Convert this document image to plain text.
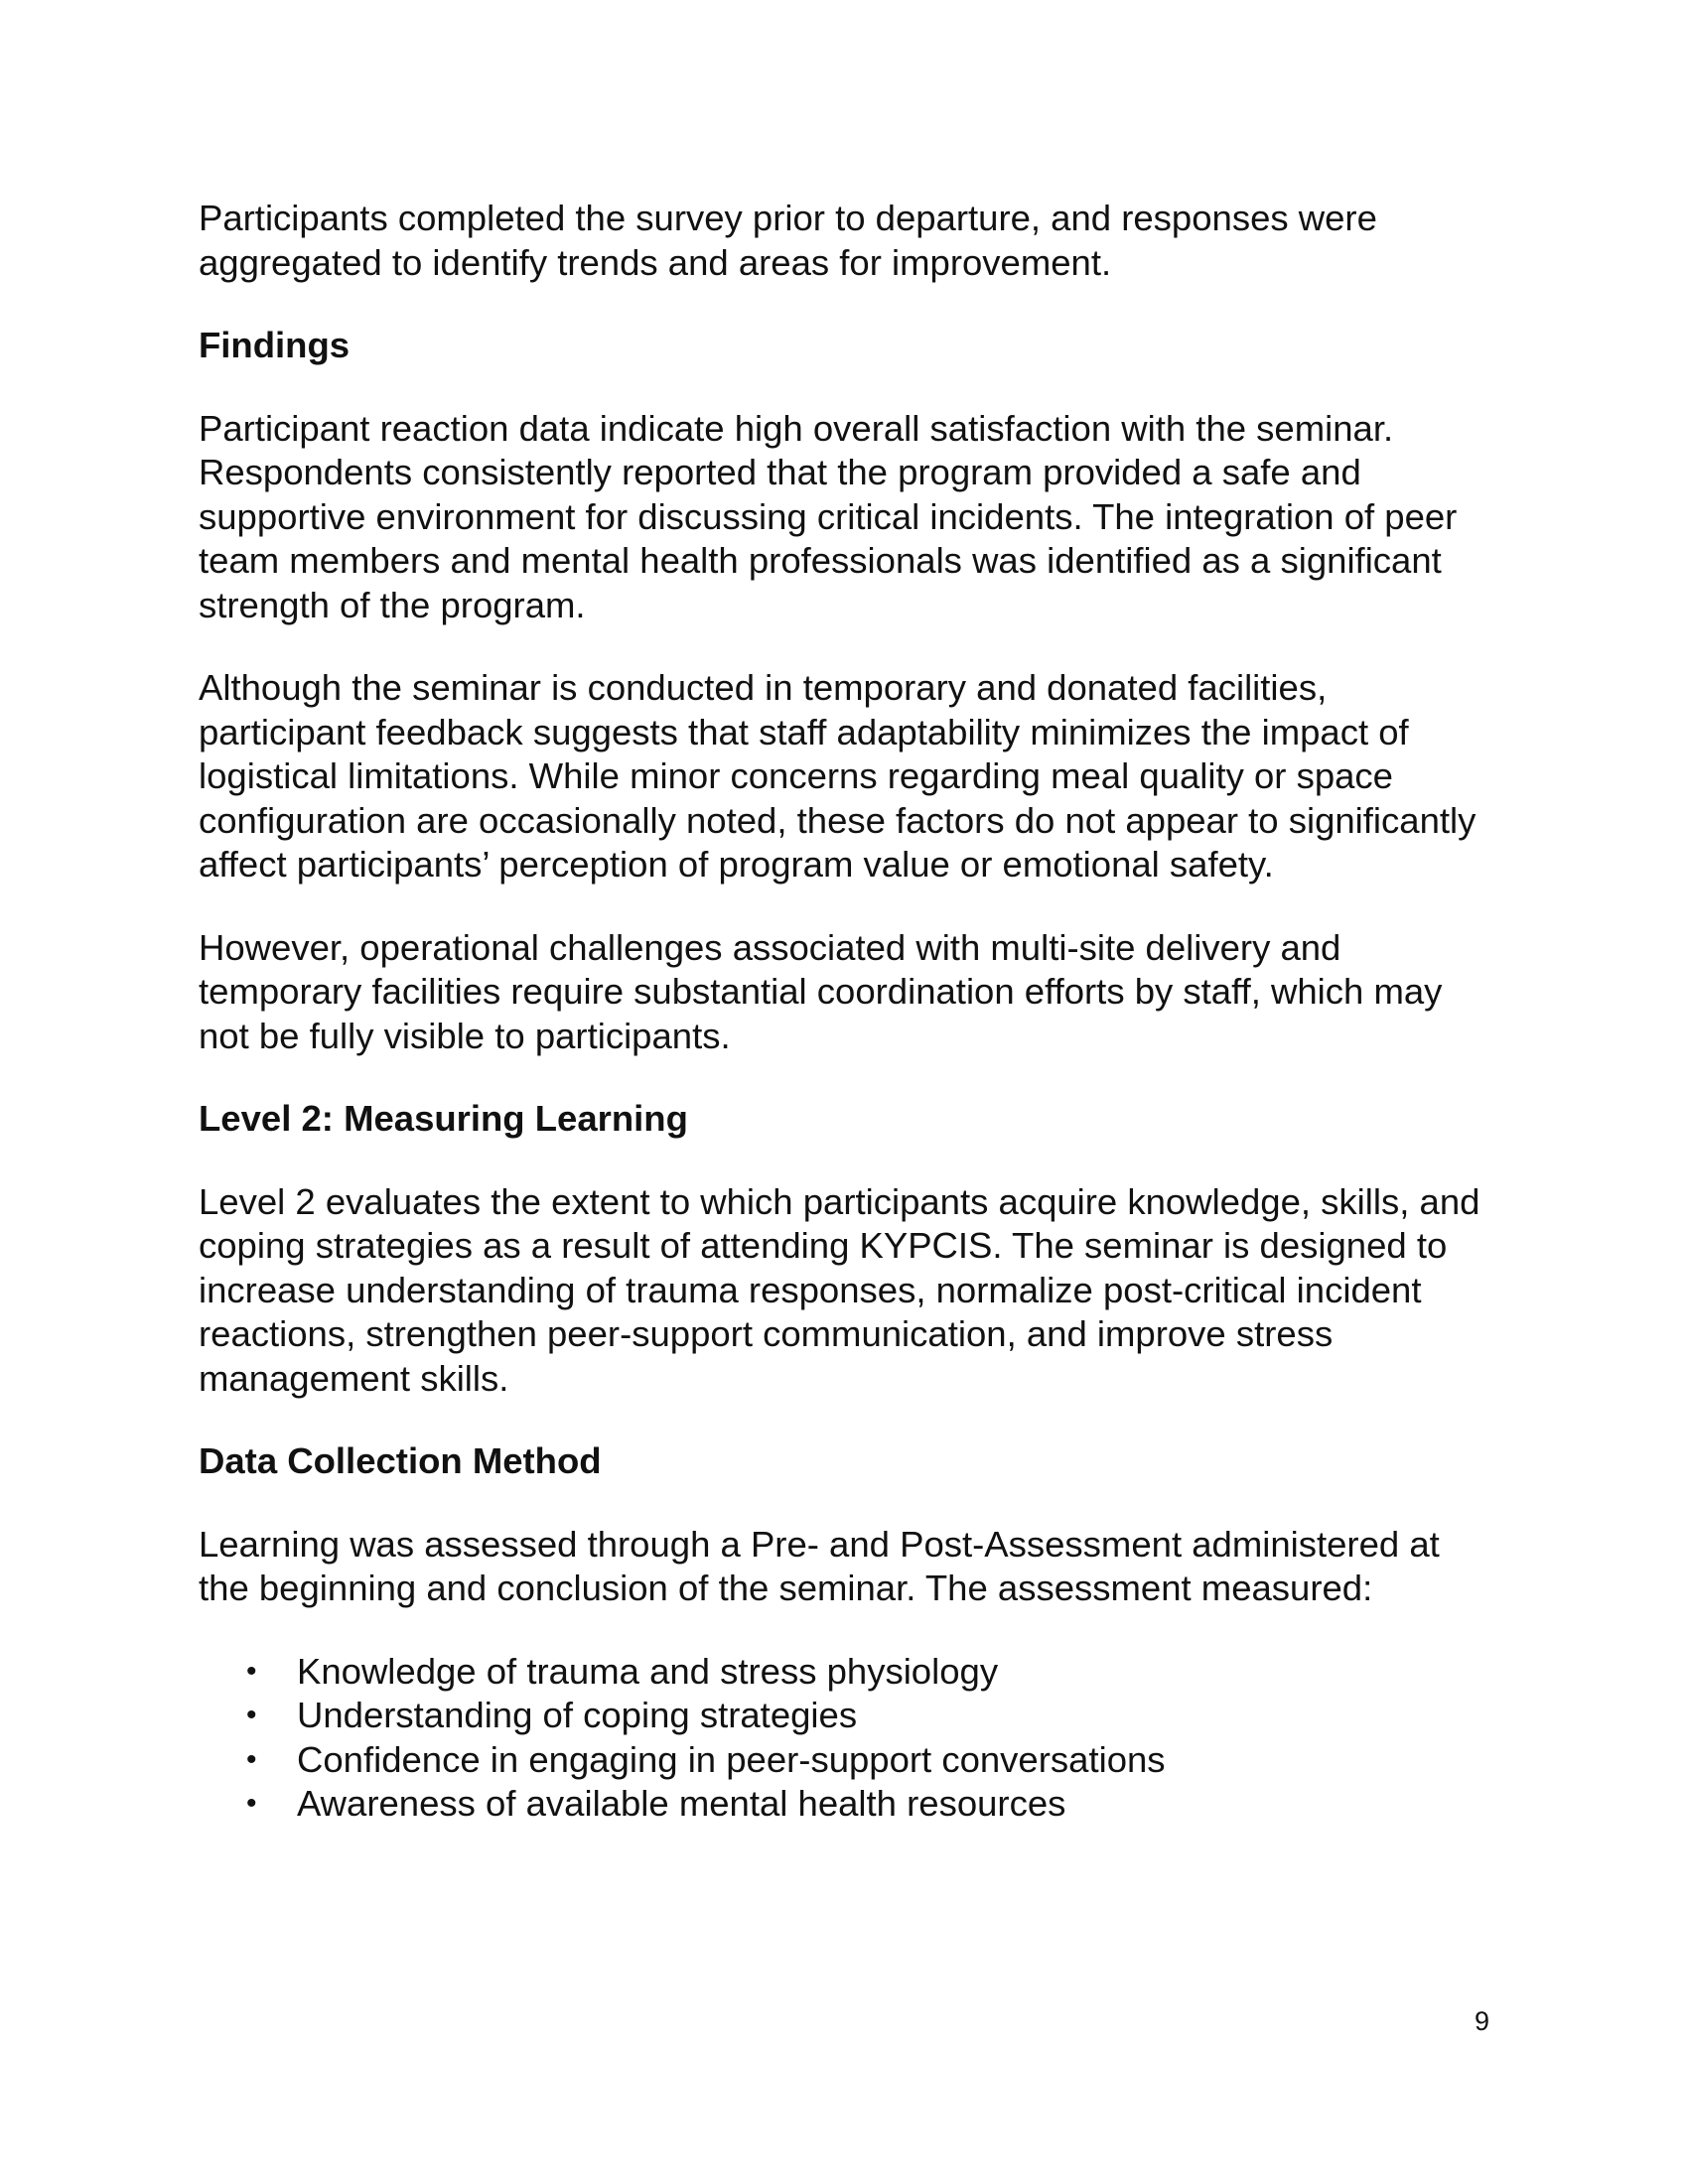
Participants completed the survey prior to departure, and responses were aggregated to identify trends and areas for improvement.

Findings

Participant reaction data indicate high overall satisfaction with the seminar. Respondents consistently reported that the program provided a safe and supportive environment for discussing critical incidents. The integration of peer team members and mental health professionals was identified as a significant strength of the program.

Although the seminar is conducted in temporary and donated facilities, participant feedback suggests that staff adaptability minimizes the impact of logistical limitations. While minor concerns regarding meal quality or space configuration are occasionally noted, these factors do not appear to significantly affect participants’ perception of program value or emotional safety.

However, operational challenges associated with multi-site delivery and temporary facilities require substantial coordination efforts by staff, which may not be fully visible to participants.

Level 2: Measuring Learning

Level 2 evaluates the extent to which participants acquire knowledge, skills, and coping strategies as a result of attending KYPCIS. The seminar is designed to increase understanding of trauma responses, normalize post-critical incident reactions, strengthen peer-support communication, and improve stress management skills.

Data Collection Method

Learning was assessed through a Pre- and Post-Assessment administered at the beginning and conclusion of the seminar. The assessment measured:

• Knowledge of trauma and stress physiology
• Understanding of coping strategies
• Confidence in engaging in peer-support conversations
• Awareness of available mental health resources
9
